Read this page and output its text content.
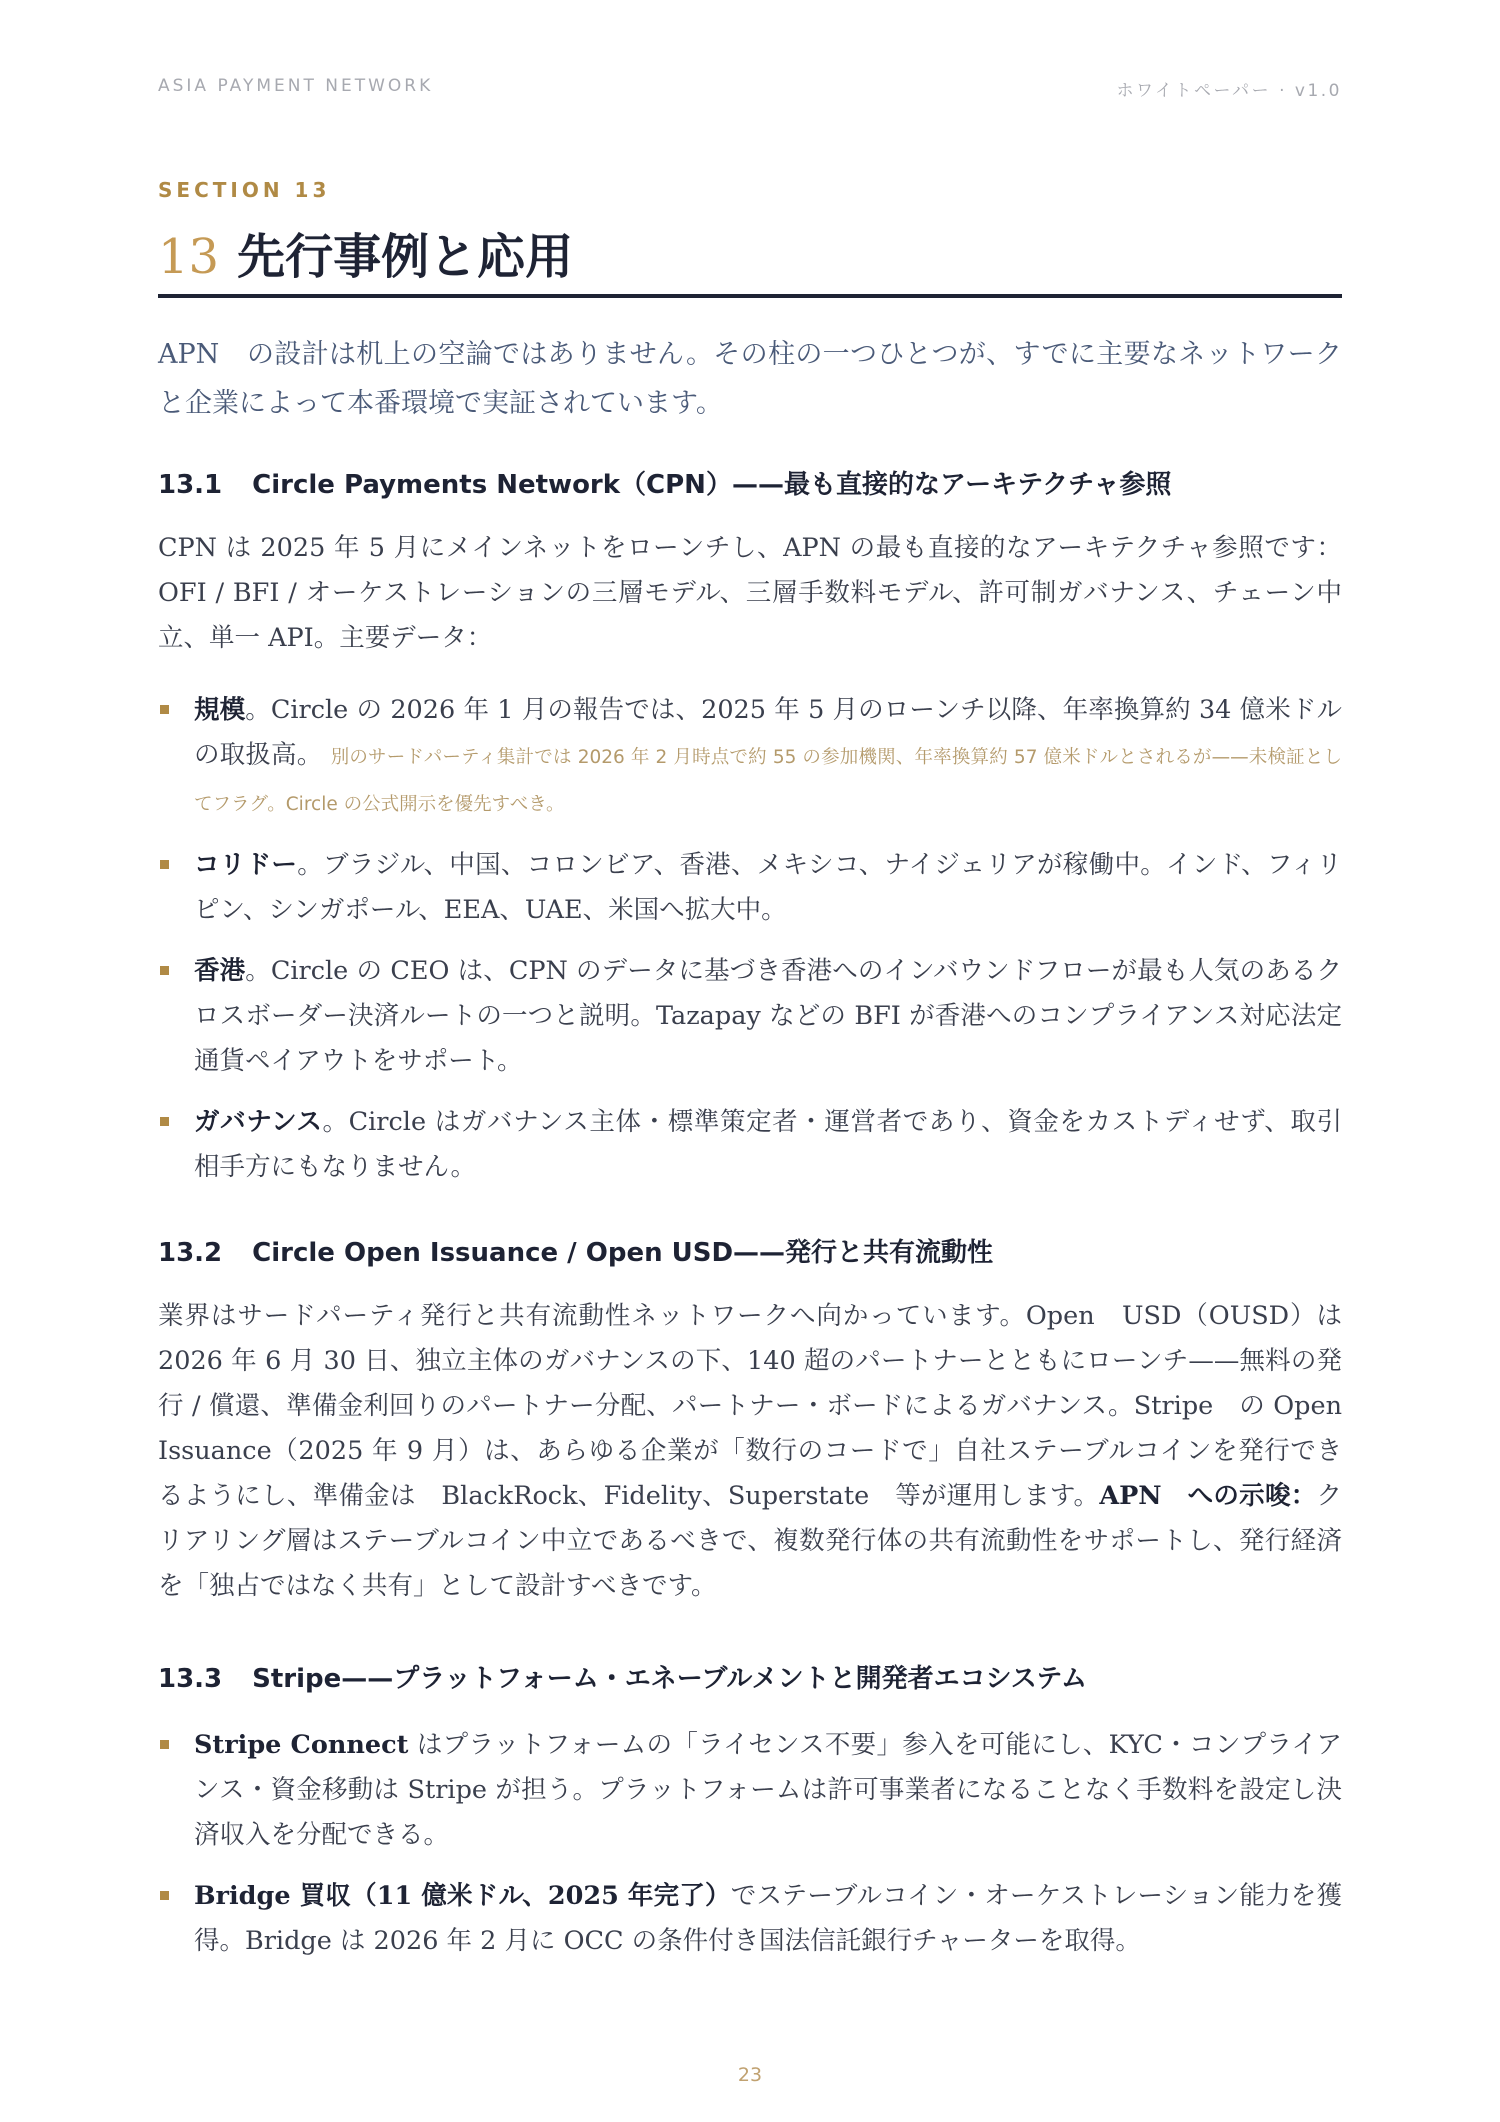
ASIA PAYMENT NETWORK	ホワイトペーパー · v1.0
SECTION 13
13 先行事例と応用

APN　の設計は机上の空論ではありません。その柱の一つひとつが、すでに主要なネットワークと企業によって本番環境で実証されています。

13.1 Circle Payments Network（CPN）——最も直接的なアーキテクチャ参照

CPN は 2025 年 5 月にメインネットをローンチし、APN の最も直接的なアーキテクチャ参照です：OFI / BFI / オーケストレーションの三層モデル、三層手数料モデル、許可制ガバナンス、チェーン中立、単一 API。主要データ：

規模。Circle の 2026 年 1 月の報告では、2025 年 5 月のローンチ以降、年率換算約 34 億米ドルの取扱高。 別のサードパーティ集計では 2026 年 2 月時点で約 55 の参加機関、年率換算約 57 億米ドルとされるが——未検証としてフラグ。Circle の公式開示を優先すべき。
コリドー。ブラジル、中国、コロンビア、香港、メキシコ、ナイジェリアが稼働中。インド、フィリピン、シンガポール、EEA、UAE、米国へ拡大中。
香港。Circle の CEO は、CPN のデータに基づき香港へのインバウンドフローが最も人気のあるクロスボーダー決済ルートの一つと説明。Tazapay などの BFI が香港へのコンプライアンス対応法定通貨ペイアウトをサポート。
ガバナンス。Circle はガバナンス主体・標準策定者・運営者であり、資金をカストディせず、取引相手方にもなりません。
13.2 Circle Open Issuance / Open USD——発行と共有流動性

業界はサードパーティ発行と共有流動性ネットワークへ向かっています。Open　USD（OUSD）は 2026 年 6 月 30 日、独立主体のガバナンスの下、140 超のパートナーとともにローンチ——無料の発行 / 償還、準備金利回りのパートナー分配、パートナー・ボードによるガバナンス。Stripe　の Open Issuance（2025 年 9 月）は、あらゆる企業が「数行のコードで」自社ステーブルコインを発行できるようにし、準備金は　BlackRock、Fidelity、Superstate　等が運用します。APN　への示唆：クリアリング層はステーブルコイン中立であるべきで、複数発行体の共有流動性をサポートし、発行経済を「独占ではなく共有」として設計すべきです。

13.3 Stripe——プラットフォーム・エネーブルメントと開発者エコシステム
Stripe Connect はプラットフォームの「ライセンス不要」参入を可能にし、KYC・コンプライアンス・資金移動は Stripe が担う。プラットフォームは許可事業者になることなく手数料を設定し決済収入を分配できる。
Bridge 買収（11 億米ドル、2025 年完了）でステーブルコイン・オーケストレーション能力を獲得。Bridge は 2026 年 2 月に OCC の条件付き国法信託銀行チャーターを取得。
23
